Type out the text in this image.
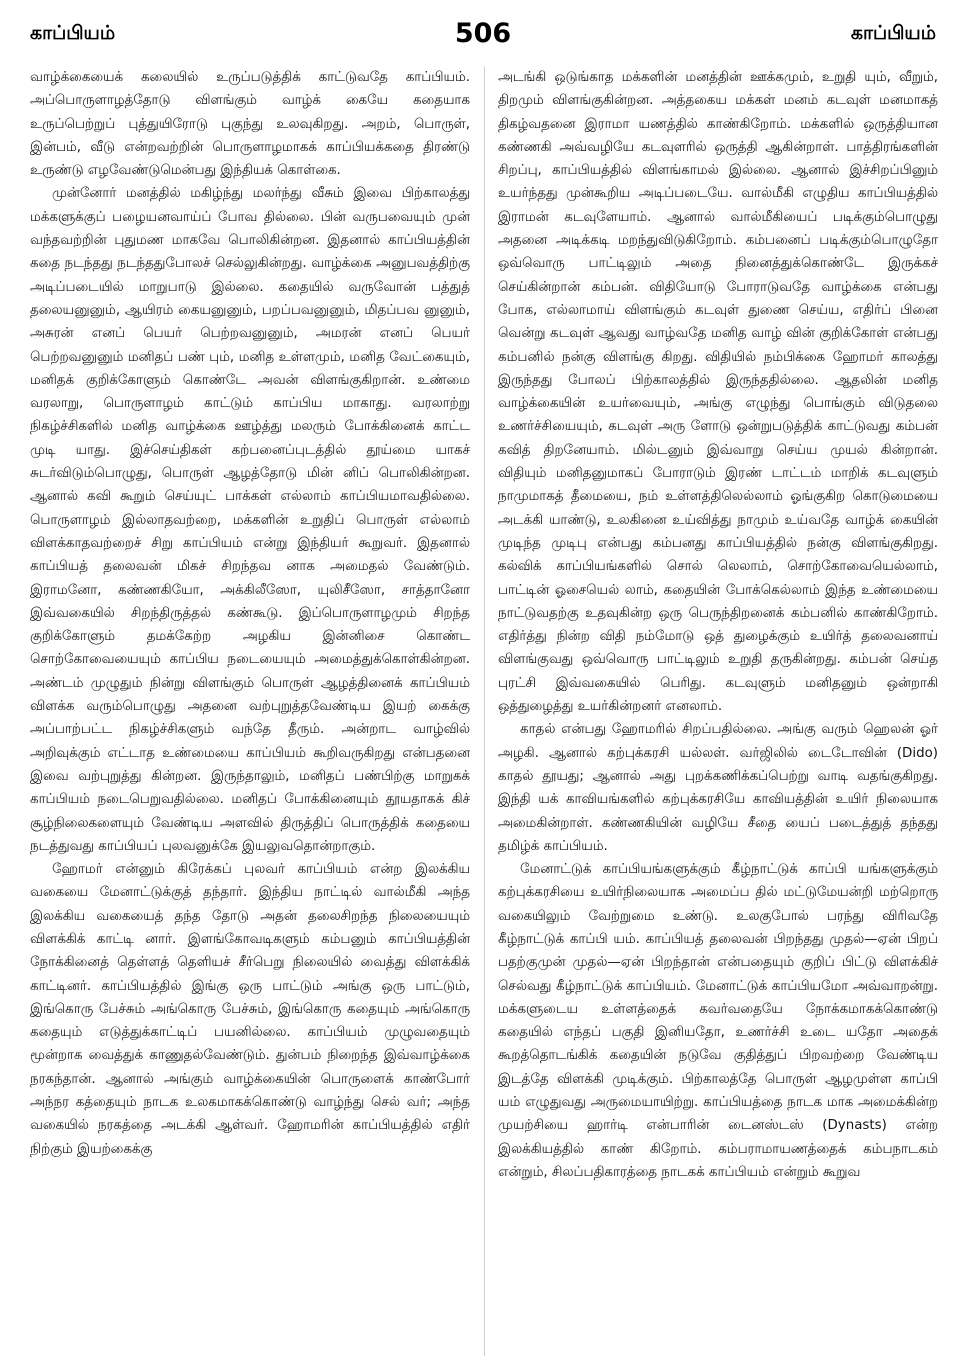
காப்பியம்	506	காப்பியம்

வாழ்க்கையைக் கலையில் உருப்படுத்திக் காட்டுவதே காப்பியம். அப்பொருளாழத்தோடு விளங்கும் வாழ்க் கையே கதையாக உருப்பெற்றுப் புத்துயிரோடு புகுந்து உலவுகிறது. அறம், பொருள், இன்பம், வீடு என்றவற்றின் பொருளாழமாகக் காப்பியக்கதை திரண்டு உருண்டு எழவேண்டுமென்பது இந்தியக் கொள்கை.

முன்னோர் மனத்தில் மகிழ்ந்து மலர்ந்து வீசும் இவை பிற்காலத்து மக்களுக்குப் பழையனவாய்ப் போவ தில்லை. பின் வருபவையும் முன் வந்தவற்றின் புதுமண மாகவே பொலிகின்றன. இதனால் காப்பியத்தின் கதை நடந்தது நடந்ததுபோலச் செல்லுகின்றது. வாழ்க்கை அனுபவத்திற்கு அடிப்படையில் மாறுபாடு இல்லை. கதையில் வருவோன் பத்துத் தலையனுனும், ஆயிரம் கையனுனும், பறப்பவனுனும், மிதப்பவ னுனும், அசுரன் எனப் பெயர் பெற்றவனுனும், அமரன் எனப் பெயர் பெற்றவனுனும் மனிதப் பண் பும், மனித உள்ளமும், மனித வேட்கையும், மனிதக் குறிக்கோளும் கொண்டே அவன் விளங்குகிறான். உண்மை வரலாறு, பொருளாழம் காட்டும் காப்பிய மாகாது. வரலாற்று நிகழ்ச்சிகளில் மனித வாழ்க்கை ஊழ்த்து மலரும் போக்கினைக் காட்ட முடி யாது. இச்செய்திகள் கற்பனைப்புடத்தில் தூய்மை யாகச் சுடர்விடும்பொழுது, பொருள் ஆழத்தோடு மின் னிப் பொலிகின்றன. ஆனால் கவி கூறும் செய்யுட் பாக்கள் எல்லாம் காப்பியமாவதில்லை. பொருளாழம் இல்லாதவற்றை, மக்களின் உறுதிப் பொருள் எல்லாம் விளக்காதவற்றைச் சிறு காப்பியம் என்று இந்தியர் கூறுவர். இதனால் காப்பியத் தலைவன் மிகச் சிறந்தவ னாக அமைதல் வேண்டும். இராமனோ, கண்ணகியோ, அக்கிலீஸோ, யுலிசீஸோ, சாத்தானோ இவ்வகையில் சிறந்திருத்தல் கண்கூடு. இப்பொருளாழமும் சிறந்த குறிக்கோளும் தமக்கேற்ற அழகிய இன்னிசை கொண்ட சொற்கோவையையும் காப்பிய நடையையும் அமைத்துக்கொள்கின்றன. அண்டம் முழுதும் நின்று விளங்கும் பொருள் ஆழத்தினைக் காப்பியம் விளக்க வரும்பொழுது அதனை வற்புறுத்தவேண்டிய இயற் கைக்கு அப்பாற்பட்ட நிகழ்ச்சிகளும் வந்தே தீரும். அன்றாட வாழ்வில் அறிவுக்கும் எட்டாத உண்மையை காப்பியம் கூறிவருகிறது என்பதனை இவை வற்புறுத்து கின்றன. இருந்தாலும், மனிதப் பண்பிற்கு மாறுகக் காப்பியம் நடைபெறுவதில்லை. மனிதப் போக்கினையும் தூயதாகக் கிச் சூழ்நிலைகளையும் வேண்டிய அளவில் திருத்திப் பொருத்திக் கதையை நடத்துவது காப்பியப் புலவனுக்கே இயலுவதொன்றாகும்.

ஹோமர் என்னும் கிரேக்கப் புலவர் காப்பியம் என்ற இலக்கிய வகையை மேனாட்டுக்குத் தந்தார். இந்திய நாட்டில் வால்மீகி அந்த இலக்கிய வகையைத் தந்த தோடு அதன் தலைசிறந்த நிலையையும் விளக்கிக் காட்டி னார். இளங்கோவடிகளும் கம்பனும் காப்பியத்தின் நோக்கினைத் தெள்ளத் தெளியச் சீர்பெறு நிலையில் வைத்து விளக்கிக் காட்டினர். காப்பியத்தில் இங்கு ஒரு பாட்டும் அங்கு ஒரு பாட்டும், இங்கொரு பேச்சும் அங்கொரு பேச்சும், இங்கொரு கதையும் அங்கொரு கதையும் எடுத்துக்காட்டிப் பயனில்லை. காப்பியம் முழுவதையும் மூன்றாக வைத்துக் காணுதல்வேண்டும். துன்பம் நிறைந்த இவ்வாழ்க்கை நரகந்தான். ஆனால் அங்கும் வாழ்க்கையின் பொருளைக் காண்போர் அந்நர கத்தையும் நாடக உலகமாகக்கொண்டு வாழ்ந்து செல் வர்; அந்த வகையில் நரகத்தை அடக்கி ஆள்வர். ஹோமரின் காப்பியத்தில் எதிர் நிற்கும் இயற்கைக்கு

அடங்கி ஒடுங்காத மக்களின் மனத்தின் ஊக்கமும், உறுதி யும், வீறும், திறமும் விளங்குகின்றன. அத்தகைய மக்கள் மனம் கடவுள் மனமாகத் திகழ்வதனை இராமா யணத்தில் காண்கிறோம். மக்களில் ஒருத்தியான கண்ணகி அவ்வழியே கடவுளரில் ஒருத்தி ஆகின்றாள். பாத்திரங்களின் சிறப்பு, காப்பியத்தில் விளங்காமல் இல்லை. ஆனால் இச்சிறப்பினும் உயர்ந்தது முன்கூறிய அடிப்படையே. வால்மீகி எழுதிய காப்பியத்தில் இராமன் கடவுளேயாம். ஆனால் வால்மீகியைப் படிக்கும்பொழுது அதனை அடிக்கடி மறந்துவிடுகிறோம். கம்பனைப் படிக்கும்பொழுதோ ஒவ்வொரு பாட்டிலும் அதை நினைத்துக்கொண்டே இருக்கச் செய்கின்றான் கம்பன். விதியோடு போராடுவதே வாழ்க்கை என்பது போக, எல்லாமாய் விளங்கும் கடவுள் துணை செய்ய, எதிர்ப் பினை வென்று கடவுள் ஆவது வாழ்வதே மனித வாழ் வின் குறிக்கோள் என்பது கம்பனில் நன்கு விளங்கு கிறது. விதியில் நம்பிக்கை ஹோமர் காலத்து இருந்தது போலப் பிற்காலத்தில் இருந்ததில்லை. ஆதலின் மனித வாழ்க்கையின் உயர்வையும், அங்கு எழுந்து பொங்கும் விடுதலை உணர்ச்சியையும், கடவுள் அரு ளோடு ஒன்றுபடுத்திக் காட்டுவது கம்பன் கவித் திறனேயாம். மில்டனும் இவ்வாறு செய்ய முயல் கின்றான். விதியும் மனிதனுமாகப் போராடும் இரண் டாட்டம் மாறிக் கடவுளும் நாமுமாகத் தீமையை, நம் உள்ளத்திலெல்லாம் ஓங்குகிற கொடுமையை அடக்கி யாண்டு, உலகினை உய்வித்து நாமும் உய்வதே வாழ்க் கையின் முடிந்த முடிபு என்பது கம்பனது காப்பியத்தில் நன்கு விளங்குகிறது. கல்விக் காப்பியங்களில் சொல் லெலாம், சொற்கோவையெல்லாம், பாட்டின் ஓசையெல் லாம், கதையின் போக்கெல்லாம் இந்த உண்மையை நாட்டுவதற்கு உதவுகின்ற ஒரு பெருந்திறனைக் கம்பனில் காண்கிறோம். எதிர்த்து நின்ற விதி நம்மோடு ஒத் துழைக்கும் உயிர்த் தலைவனாய் விளங்குவது ஒவ்வொரு பாட்டிலும் உறுதி தருகின்றது. கம்பன் செய்த புரட்சி இவ்வகையில் பெரிது. கடவுளும் மனிதனும் ஒன்றாகி ஒத்துழைத்து உயர்கின்றனர் எனலாம்.

காதல் என்பது ஹோமரில் சிறப்பதில்லை. அங்கு வரும் ஹெலன் ஓர் அழகி. ஆனால் கற்புக்கரசி யல்லள். வர்ஜிலில் டைடோவின் (Dido) காதல் தூயது; ஆனால் அது புறக்கணிக்கப்பெற்று வாடி வதங்குகிறது. இந்தி யக் காவியங்களில் கற்புக்கரசியே காவியத்தின் உயிர் நிலையாக அமைகின்றாள். கண்ணகியின் வழியே சீதை யைப் படைத்துத் தந்தது தமிழ்க் காப்பியம்.

மேனாட்டுக் காப்பியங்களுக்கும் கீழ்நாட்டுக் காப்பி யங்களுக்கும் கற்புக்கரசியை உயிர்நிலையாக அமைப்ப தில் மட்டுமேயன்றி மற்றொரு வகையிலும் வேற்றுமை உண்டு. உலகுபோல் பரந்து விரிவதே கீழ்நாட்டுக் காப்பி யம். காப்பியத் தலைவன் பிறந்தது முதல்—ஏன் பிறப் பதற்குமுன் முதல்—ஏன் பிறந்தான் என்பதையும் குறிப் பிட்டு விளக்கிச் செல்வது கீழ்நாட்டுக் காப்பியம். மேனாட்டுக் காப்பியமோ அவ்வாறன்று. மக்களுடைய உள்ளத்தைக் கவர்வதையே நோக்கமாகக்கொண்டு கதையில் எந்தப் பகுதி இனியதோ, உணர்ச்சி உடை யதோ அதைக் கூறத்தொடங்கிக் கதையின் நடுவே குதித்துப் பிறவற்றை வேண்டிய இடத்தே விளக்கி முடிக்கும். பிற்காலத்தே பொருள் ஆழமுள்ள காப்பி யம் எழுதுவது அருமையாயிற்று. காப்பியத்தை நாடக மாக அமைக்கின்ற முயற்சியை ஹார்டி என்பாரின் டைனஸ்டஸ் (Dynasts) என்ற இலக்கியத்தில் காண் கிறோம். கம்பராமாயணத்தைக் கம்பநாடகம் என்றும், சிலப்பதிகாரத்தை நாடகக் காப்பியம் என்றும் கூறுவ
